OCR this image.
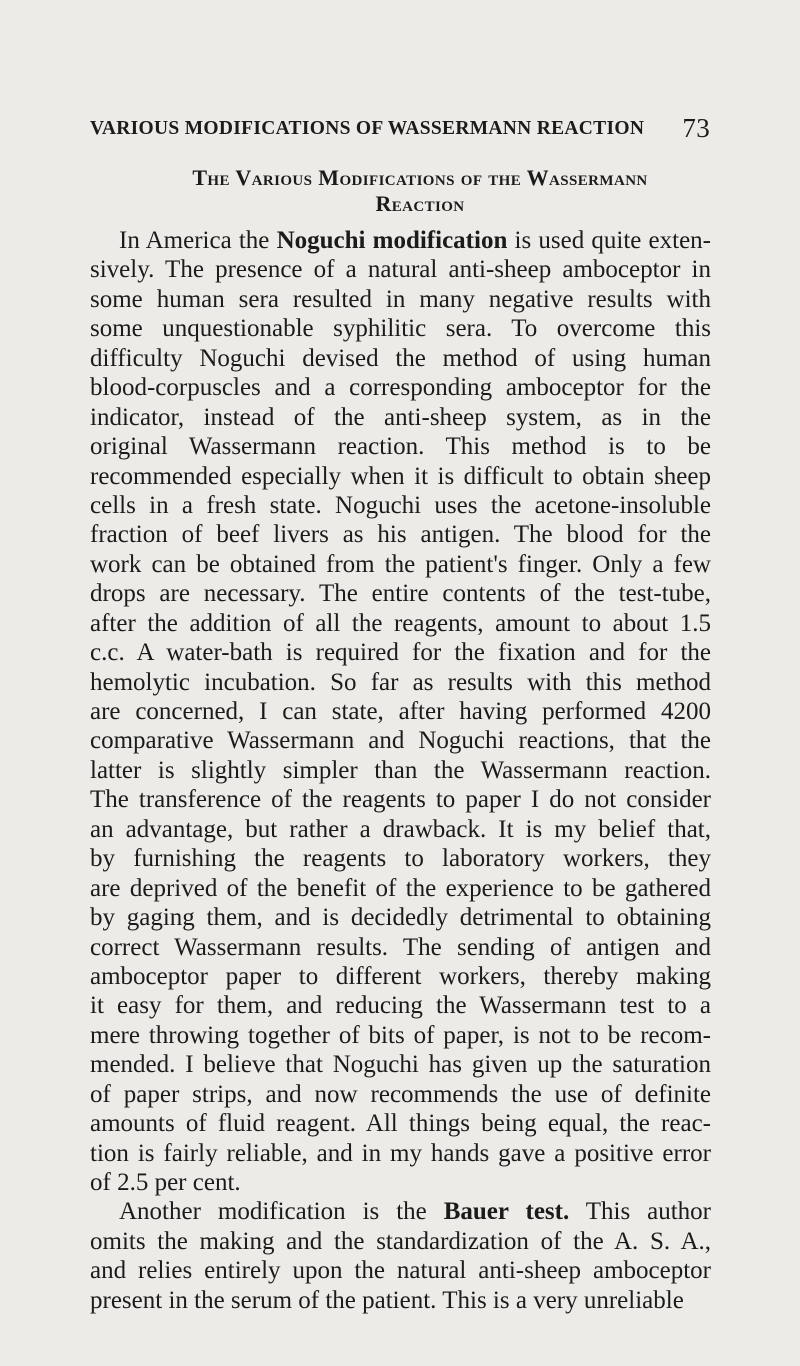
VARIOUS MODIFICATIONS OF WASSERMANN REACTION 73
The Various Modifications of the Wassermann
Reaction
In America the Noguchi modification is used quite exten-
sively. The presence of a natural anti-sheep amboceptor in
some human sera resulted in many negative results with
some unquestionable syphilitic sera. To overcome this
difficulty Noguchi devised the method of using human
blood-corpuscles and a corresponding amboceptor for the
indicator, instead of the anti-sheep system, as in the
original Wassermann reaction. This method is to be
recommended especially when it is difficult to obtain sheep
cells in a fresh state. Noguchi uses the acetone-insoluble
fraction of beef livers as his antigen. The blood for the
work can be obtained from the patient's finger. Only a few
drops are necessary. The entire contents of the test-tube,
after the addition of all the reagents, amount to about 1.5
c.c. A water-bath is required for the fixation and for the
hemolytic incubation. So far as results with this method
are concerned, I can state, after having performed 4200
comparative Wassermann and Noguchi reactions, that the
latter is slightly simpler than the Wassermann reaction.
The transference of the reagents to paper I do not consider
an advantage, but rather a drawback. It is my belief that,
by furnishing the reagents to laboratory workers, they
are deprived of the benefit of the experience to be gathered
by gaging them, and is decidedly detrimental to obtaining
correct Wassermann results. The sending of antigen and
amboceptor paper to different workers, thereby making
it easy for them, and reducing the Wassermann test to a
mere throwing together of bits of paper, is not to be recom-
mended. I believe that Noguchi has given up the saturation
of paper strips, and now recommends the use of definite
amounts of fluid reagent. All things being equal, the reac-
tion is fairly reliable, and in my hands gave a positive error
of 2.5 per cent.
Another modification is the Bauer test. This author
omits the making and the standardization of the A. S. A.,
and relies entirely upon the natural anti-sheep amboceptor
present in the serum of the patient. This is a very unreliable
